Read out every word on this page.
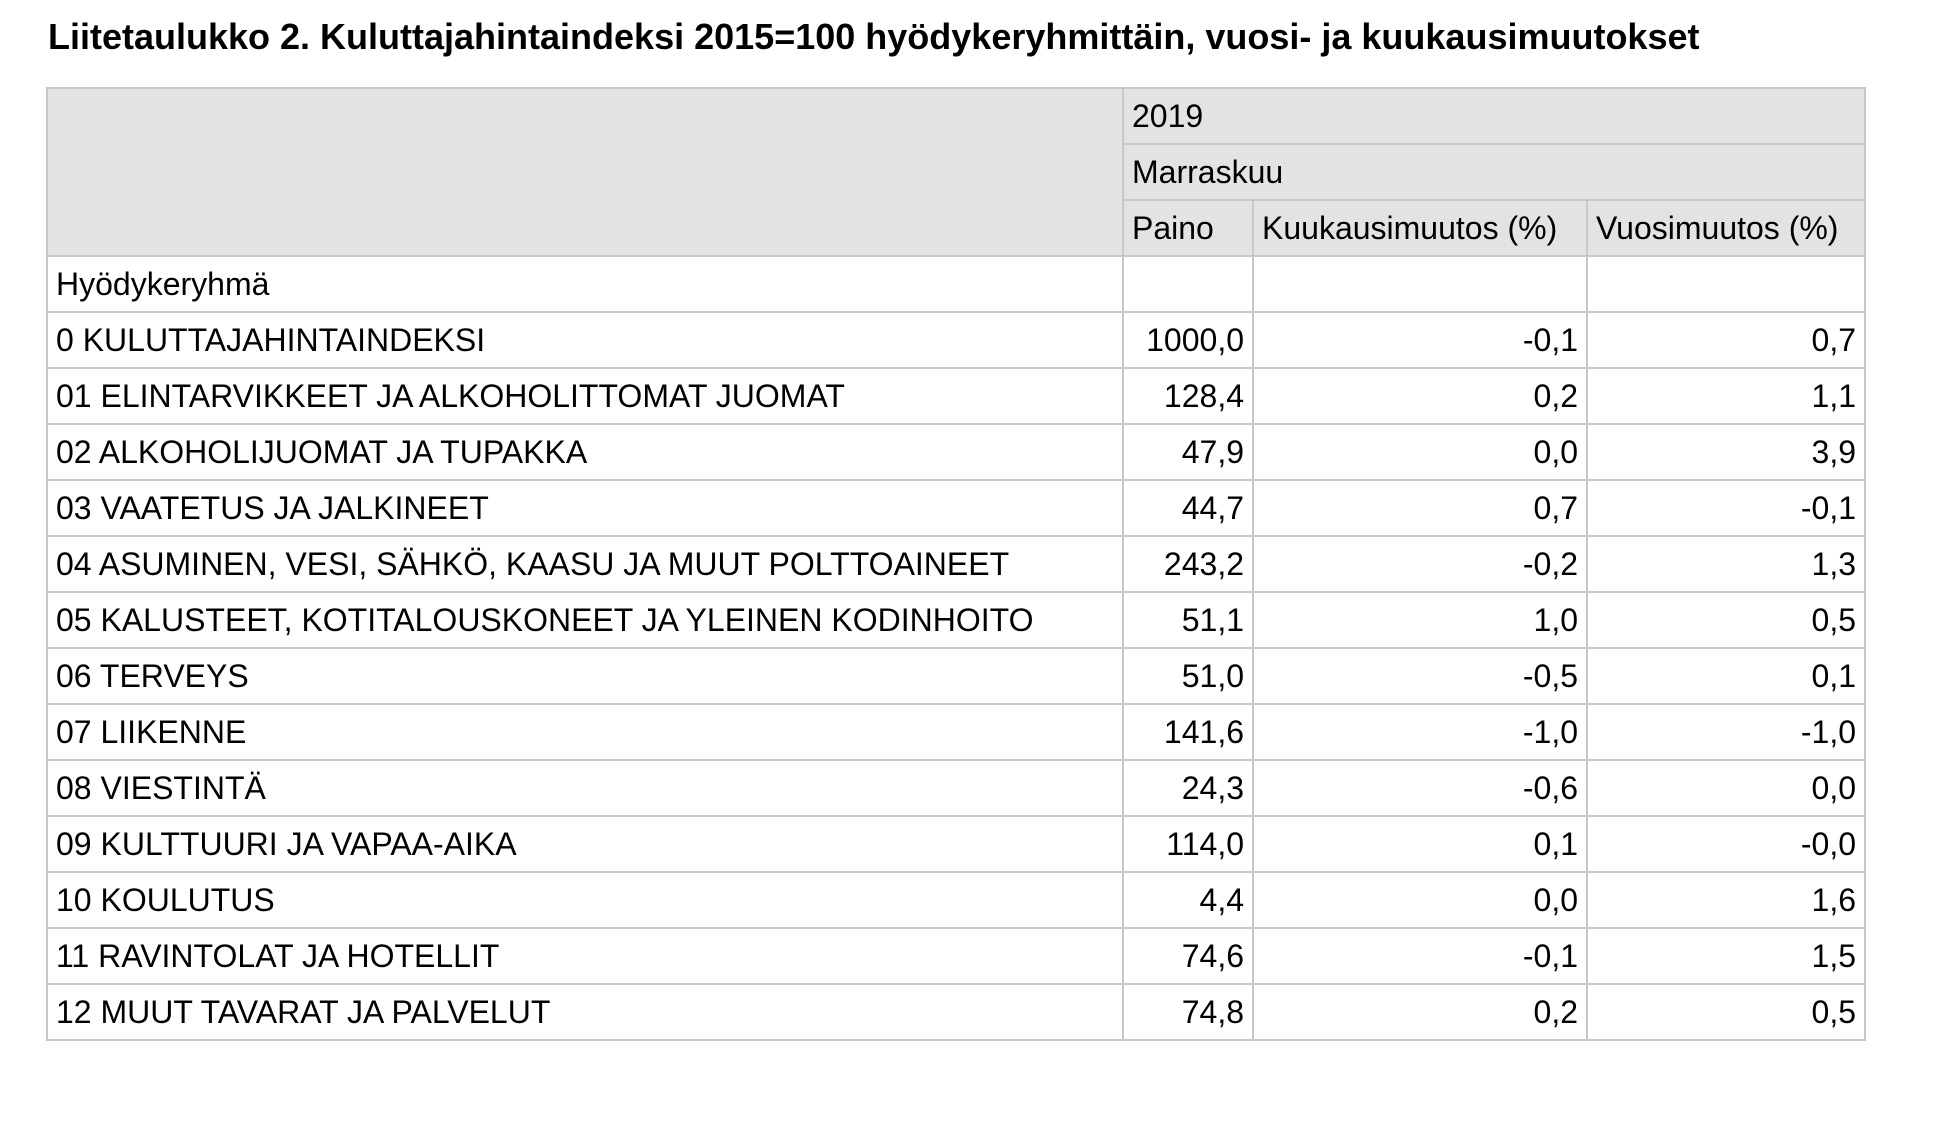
Liitetaulukko 2. Kuluttajahintaindeksi 2015=100 hyödykeryhmittäin, vuosi- ja kuukausimuutokset
	2019		
	Marraskuu		
	Paino	Kuukausimuutos (%)	Vuosimuutos (%)
Hyödykeryhmä			
0 KULUTTAJAHINTAINDEKSI	1000,0	-0,1	0,7
01 ELINTARVIKKEET JA ALKOHOLITTOMAT JUOMAT	128,4	0,2	1,1
02 ALKOHOLIJUOMAT JA TUPAKKA	47,9	0,0	3,9
03 VAATETUS JA JALKINEET	44,7	0,7	-0,1
04 ASUMINEN, VESI, SÄHKÖ, KAASU JA MUUT POLTTOAINEET	243,2	-0,2	1,3
05 KALUSTEET, KOTITALOUSKONEET JA YLEINEN KODINHOITO	51,1	1,0	0,5
06 TERVEYS	51,0	-0,5	0,1
07 LIIKENNE	141,6	-1,0	-1,0
08 VIESTINTÄ	24,3	-0,6	0,0
09 KULTTUURI JA VAPAA-AIKA	114,0	0,1	-0,0
10 KOULUTUS	4,4	0,0	1,6
11 RAVINTOLAT JA HOTELLIT	74,6	-0,1	1,5
12 MUUT TAVARAT JA PALVELUT	74,8	0,2	0,5
